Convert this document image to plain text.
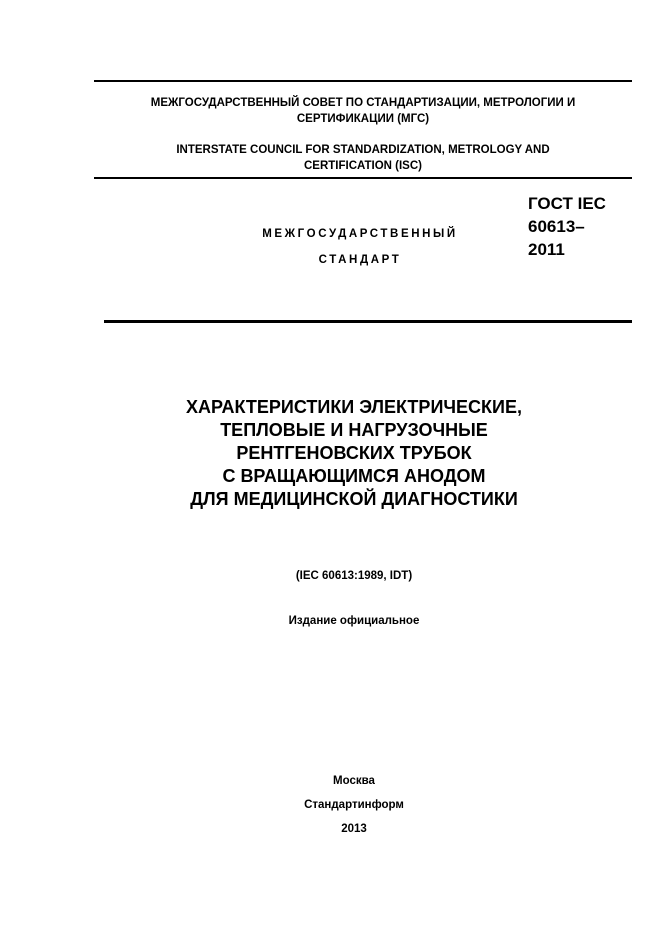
МЕЖГОСУДАРСТВЕННЫЙ СОВЕТ ПО СТАНДАРТИЗАЦИИ, МЕТРОЛОГИИ И
СЕРТИФИКАЦИИ (МГС)
INTERSTATE COUNCIL FOR STANDARDIZATION, METROLOGY AND
CERTIFICATION (ISC)
МЕЖГОСУДАРСТВЕННЫЙ
СТАНДАРТ
ГОСТ IEC
60613–
2011
ХАРАКТЕРИСТИКИ ЭЛЕКТРИЧЕСКИЕ,
ТЕПЛОВЫЕ И НАГРУЗОЧНЫЕ
РЕНТГЕНОВСКИХ ТРУБОК
С ВРАЩАЮЩИМСЯ АНОДОМ
ДЛЯ МЕДИЦИНСКОЙ ДИАГНОСТИКИ
(IEC 60613:1989, IDT)
Издание официальное
Москва
Стандартинформ
2013
